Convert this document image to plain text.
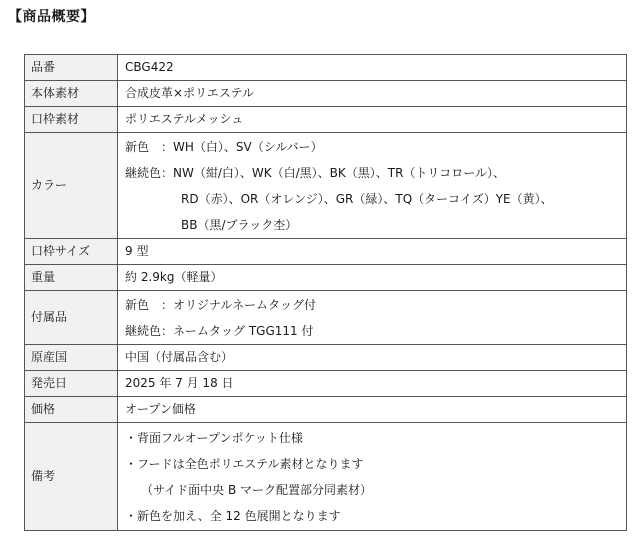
【商品概要】
品番	CBG422
本体素材	合成皮革×ポリエステル
口枠素材	ポリエステルメッシュ
カラー	新色　：WH（白）、SV（シルバー）
継続色：NW（紺/白）、WK（白/黒）、BK（黒）、TR（トリコロール）、
RD（赤）、OR（オレンジ）、GR（緑）、TQ（ターコイズ）YE（黄）、
BB（黒/ブラック杢）

口枠サイズ	9 型
重量	約 2.9kg（軽量）
付属品	新色　：オリジナルネームタッグ付
継続色：ネームタッグ TGG111 付

原産国	中国（付属品含む）
発売日	2025 年 7 月 18 日
価格	オープン価格
備考	・背面フルオープンポケット仕様
・フードは全色ポリエステル素材となります
（サイド面中央 B マーク配置部分同素材）
・新色を加え、全 12 色展開となります
